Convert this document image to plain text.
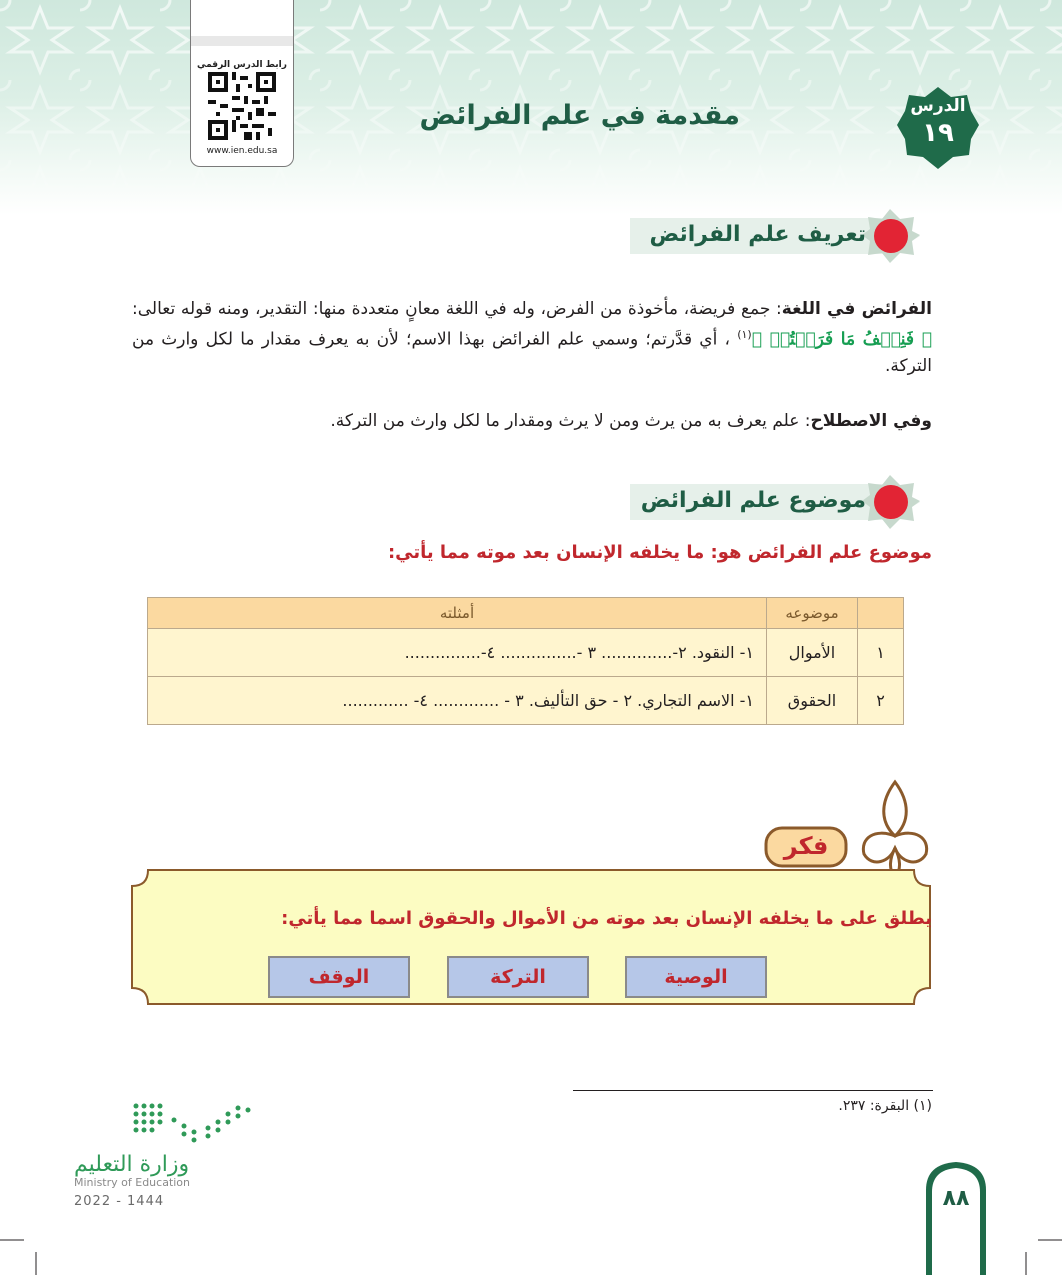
رابط الدرس الرقمي
www.ien.edu.sa
مقدمة في علم الفرائض	الدرس
١٩
تعريف علم الفرائض
الفرائض في اللغة: جمع فريضة، مأخوذة من الفرض، وله في اللغة معانٍ متعددة منها: التقدير، ومنه قوله تعالى: ﴿ فَنِصۡفُ مَا فَرَضۡتُمۡ ﴾$^{(١)}$ ، أي قدَّرتم؛ وسمي علم الفرائض بهذا الاسم؛ لأن به يعرف مقدار ما لكل وارث من التركة.
وفي الاصطلاح: علم يعرف به من يرث ومن لا يرث ومقدار ما لكل وارث من التركة.
موضوع علم الفرائض
موضوع علم الفرائض هو: ما يخلفه الإنسان بعد موته مما يأتي:
	موضوعه	أمثلته
١	الأموال	١- النقود. ٢-.............. ٣ -............... ٤-...............
٢	الحقوق	١- الاسم التجاري. ٢ - حق التأليف. ٣ - ............. ٤- .............
فكر
يطلق على ما يخلفه الإنسان بعد موته من الأموال والحقوق اسما مما يأتي:
الوصية
التركة
الوقف
(١) البقرة: ٢٣٧.
وزارة التعليم
Ministry of Education
2022 - 1444	٨٨
